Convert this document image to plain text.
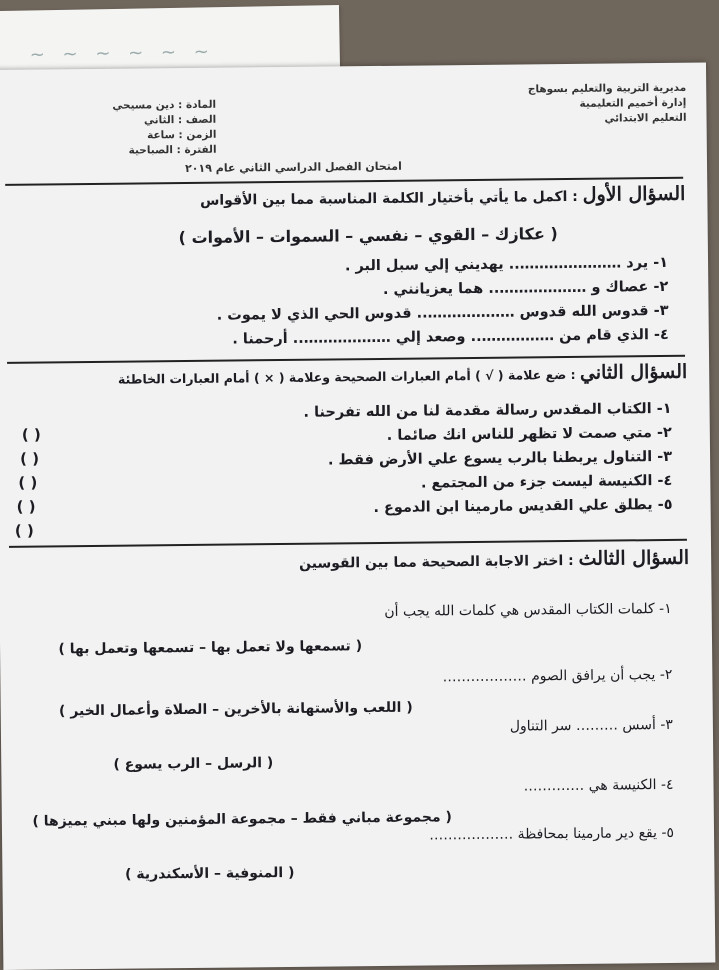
~ ~ ~ ~ ~ ~
مديرية التربية والتعليم بسوهاج
إدارة أخميم التعليمية
التعليم الابتدائي
المادة : دين مسيحي
الصف : الثاني
الزمن : ساعة
الفترة : الصباحية
امتحان الفصل الدراسي الثاني عام ٢٠١٩
السؤال الأول : اكمل ما يأتي بأختيار الكلمة المناسبة مما بين الأقواس
( عكازك – القوي – نفسي – السموات – الأموات )
١- يرد ………………….. يهديني إلي سبل البر .
٢- عصاك و ……………….. هما يعزيانني .
٣- قدوس الله قدوس ……………….. قدوس الحي الذي لا يموت .
٤- الذي قام من …………….. وصعد إلي ……………….. أرحمنا .
السؤال الثاني : ضع علامة ( √ ) أمام العبارات الصحيحة وعلامة ( × ) أمام العبارات الخاطئة
١- الكتاب المقدس رسالة مقدمة لنا من الله تفرحنا .
٢- متي صمت لا تظهر للناس انك صائما .
٣- التناول يربطنا بالرب يسوع علي الأرض فقط .
٤- الكنيسة ليست جزء من المجتمع .
٥- يطلق علي القديس مارمينا ابن الدموع .
( )
( )
( )
( )
( )
السؤال الثالث : اختر الاجابة الصحيحة مما بين القوسين
١- كلمات الكتاب المقدس هي كلمات الله يجب أن
( تسمعها ولا تعمل بها – تسمعها وتعمل بها )
٢- يجب أن يرافق الصوم ………………
( اللعب والأستهانة بالأخرين – الصلاة وأعمال الخير )
٣- أسس ……… سر التناول
( الرسل – الرب يسوع )
٤- الكنيسة هي ………….
( مجموعة مباني فقط – مجموعة المؤمنين ولها مبني يميزها )
٥- يقع دير مارمينا بمحافظة ………………
( المنوفية – الأسكندرية )
